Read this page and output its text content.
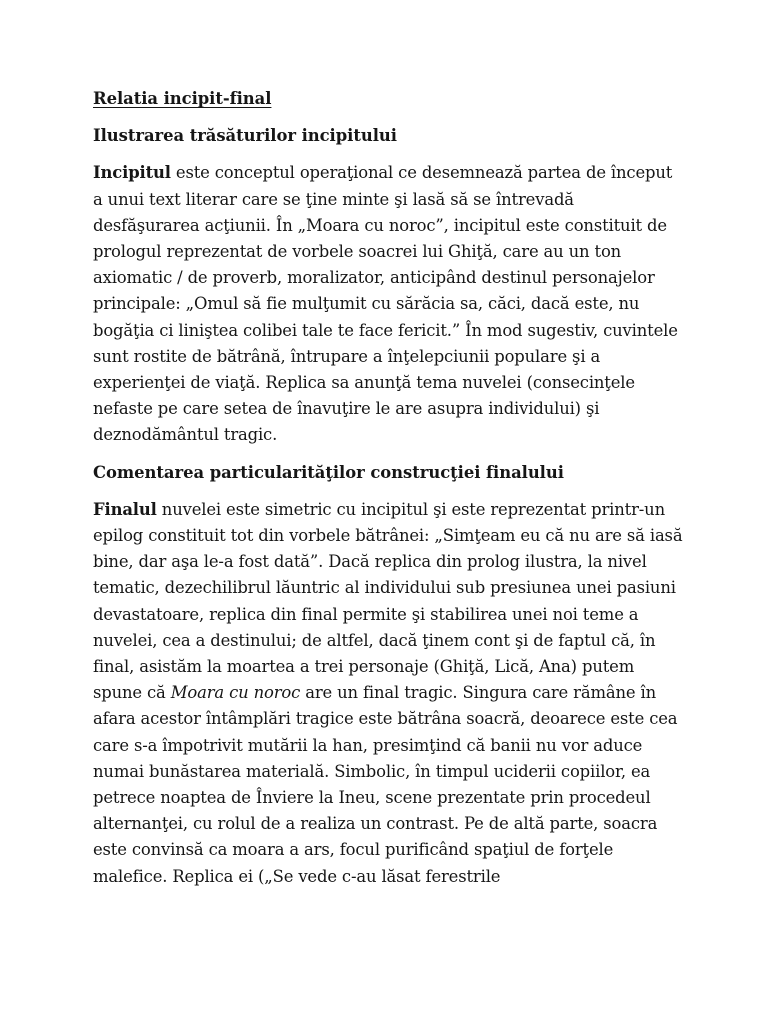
Relatia incipit-final

Ilustrarea trăsăturilor incipitului

Incipitul este conceptul operaţional ce desemnează partea de început a unui text literar care se ţine minte şi lasă să se întrevadă desfăşurarea acţiunii. În „Moara cu noroc”, incipitul este constituit de prologul reprezentat de vorbele soacrei lui Ghiţă, care au un ton axiomatic / de proverb, moralizator, anticipând destinul personajelor principale: „Omul să fie mulţumit cu sărăcia sa, căci, dacă este, nu bogăţia ci liniştea colibei tale te face fericit.” În mod sugestiv, cuvintele sunt rostite de bătrână, întrupare a înţelepciunii populare şi a experienţei de viaţă. Replica sa anunţă tema nuvelei (consecinţele nefaste pe care setea de înavuţire le are asupra individului) şi deznodământul tragic.

Comentarea particularităţilor construcţiei finalului

Finalul nuvelei este simetric cu incipitul şi este reprezentat printr-un epilog constituit tot din vorbele bătrânei: „Simţeam eu că nu are să iasă bine, dar aşa le-a fost dată”. Dacă replica din prolog ilustra, la nivel tematic, dezechilibrul lăuntric al individului sub presiunea unei pasiuni devastatoare, replica din final permite şi stabilirea unei noi teme a nuvelei, cea a destinului; de altfel, dacă ţinem cont şi de faptul că, în final, asistăm la moartea a trei personaje (Ghiţă, Lică, Ana) putem spune că Moara cu noroc are un final tragic. Singura care rămâne în afara acestor întâmplări tragice este bătrâna soacră, deoarece este cea care s-a împotrivit mutării la han, presimţind că banii nu vor aduce numai bunăstarea materială. Simbolic, în timpul uciderii copiilor, ea petrece noaptea de Înviere la Ineu, scene prezentate prin procedeul alternanţei, cu rolul de a realiza un contrast. Pe de altă parte, soacra este convinsă ca moara a ars, focul purificând spaţiul de forţele malefice. Replica ei („Se vede c-au lăsat ferestrile
